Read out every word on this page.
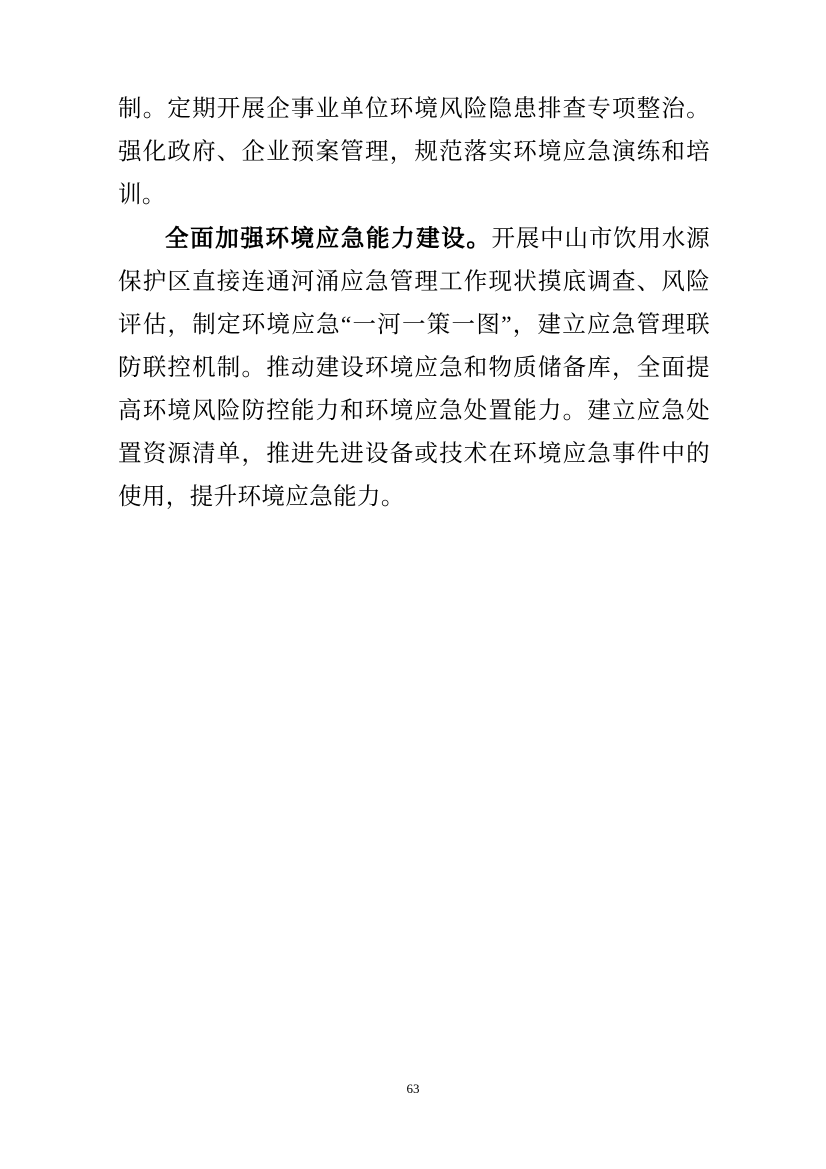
制。定期开展企事业单位环境风险隐患排查专项整治。强化政府、企业预案管理，规范落实环境应急演练和培训。

全面加强环境应急能力建设。开展中山市饮用水源保护区直接连通河涌应急管理工作现状摸底调查、风险评估，制定环境应急“一河一策一图”，建立应急管理联防联控机制。推动建设环境应急和物质储备库，全面提高环境风险防控能力和环境应急处置能力。建立应急处置资源清单，推进先进设备或技术在环境应急事件中的使用，提升环境应急能力。

63
